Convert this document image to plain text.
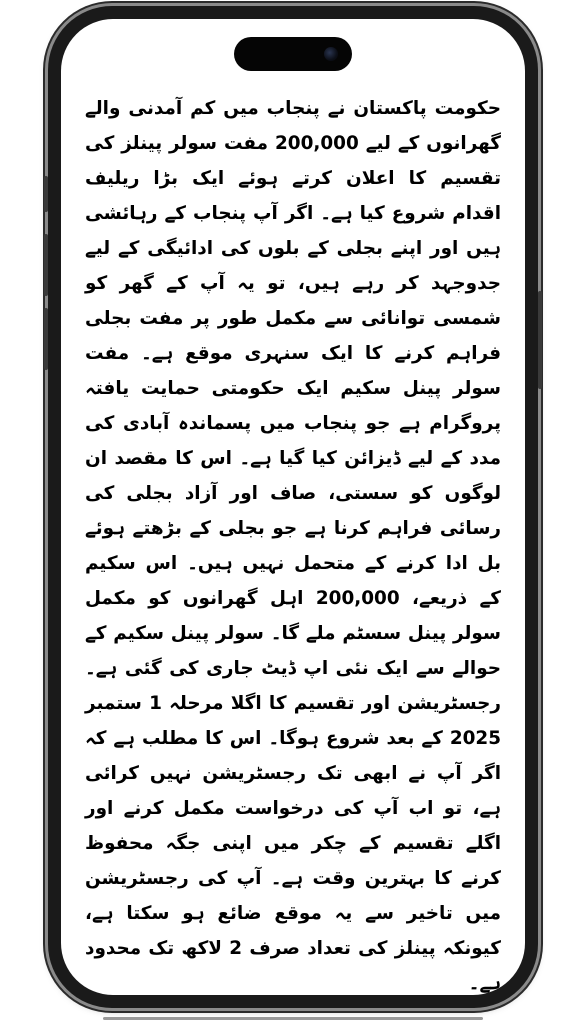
حکومت پاکستان نے پنجاب میں کم آمدنی والے گھرانوں کے لیے 200,000 مفت سولر پینلز کی تقسیم کا اعلان کرتے ہوئے ایک بڑا ریلیف اقدام شروع کیا ہے۔ اگر آپ پنجاب کے رہائشی ہیں اور اپنے بجلی کے بلوں کی ادائیگی کے لیے جدوجہد کر رہے ہیں، تو یہ آپ کے گھر کو شمسی توانائی سے مکمل طور پر مفت بجلی فراہم کرنے کا ایک سنہری موقع ہے۔ مفت سولر پینل سکیم ایک حکومتی حمایت یافتہ پروگرام ہے جو پنجاب میں پسماندہ آبادی کی مدد کے لیے ڈیزائن کیا گیا ہے۔ اس کا مقصد ان لوگوں کو سستی، صاف اور آزاد بجلی کی رسائی فراہم کرنا ہے جو بجلی کے بڑھتے ہوئے بل ادا کرنے کے متحمل نہیں ہیں۔ اس سکیم کے ذریعے، 200,000 اہل گھرانوں کو مکمل سولر پینل سسٹم ملے گا۔ سولر پینل سکیم کے حوالے سے ایک نئی اپ ڈیٹ جاری کی گئی ہے۔ رجسٹریشن اور تقسیم کا اگلا مرحلہ 1 ستمبر 2025 کے بعد شروع ہوگا۔ اس کا مطلب ہے کہ اگر آپ نے ابھی تک رجسٹریشن نہیں کرائی ہے، تو اب آپ کی درخواست مکمل کرنے اور اگلے تقسیم کے چکر میں اپنی جگہ محفوظ کرنے کا بہترین وقت ہے۔ آپ کی رجسٹریشن میں تاخیر سے یہ موقع ضائع ہو سکتا ہے، کیونکہ پینلز کی تعداد صرف 2 لاکھ تک محدود ہے۔
